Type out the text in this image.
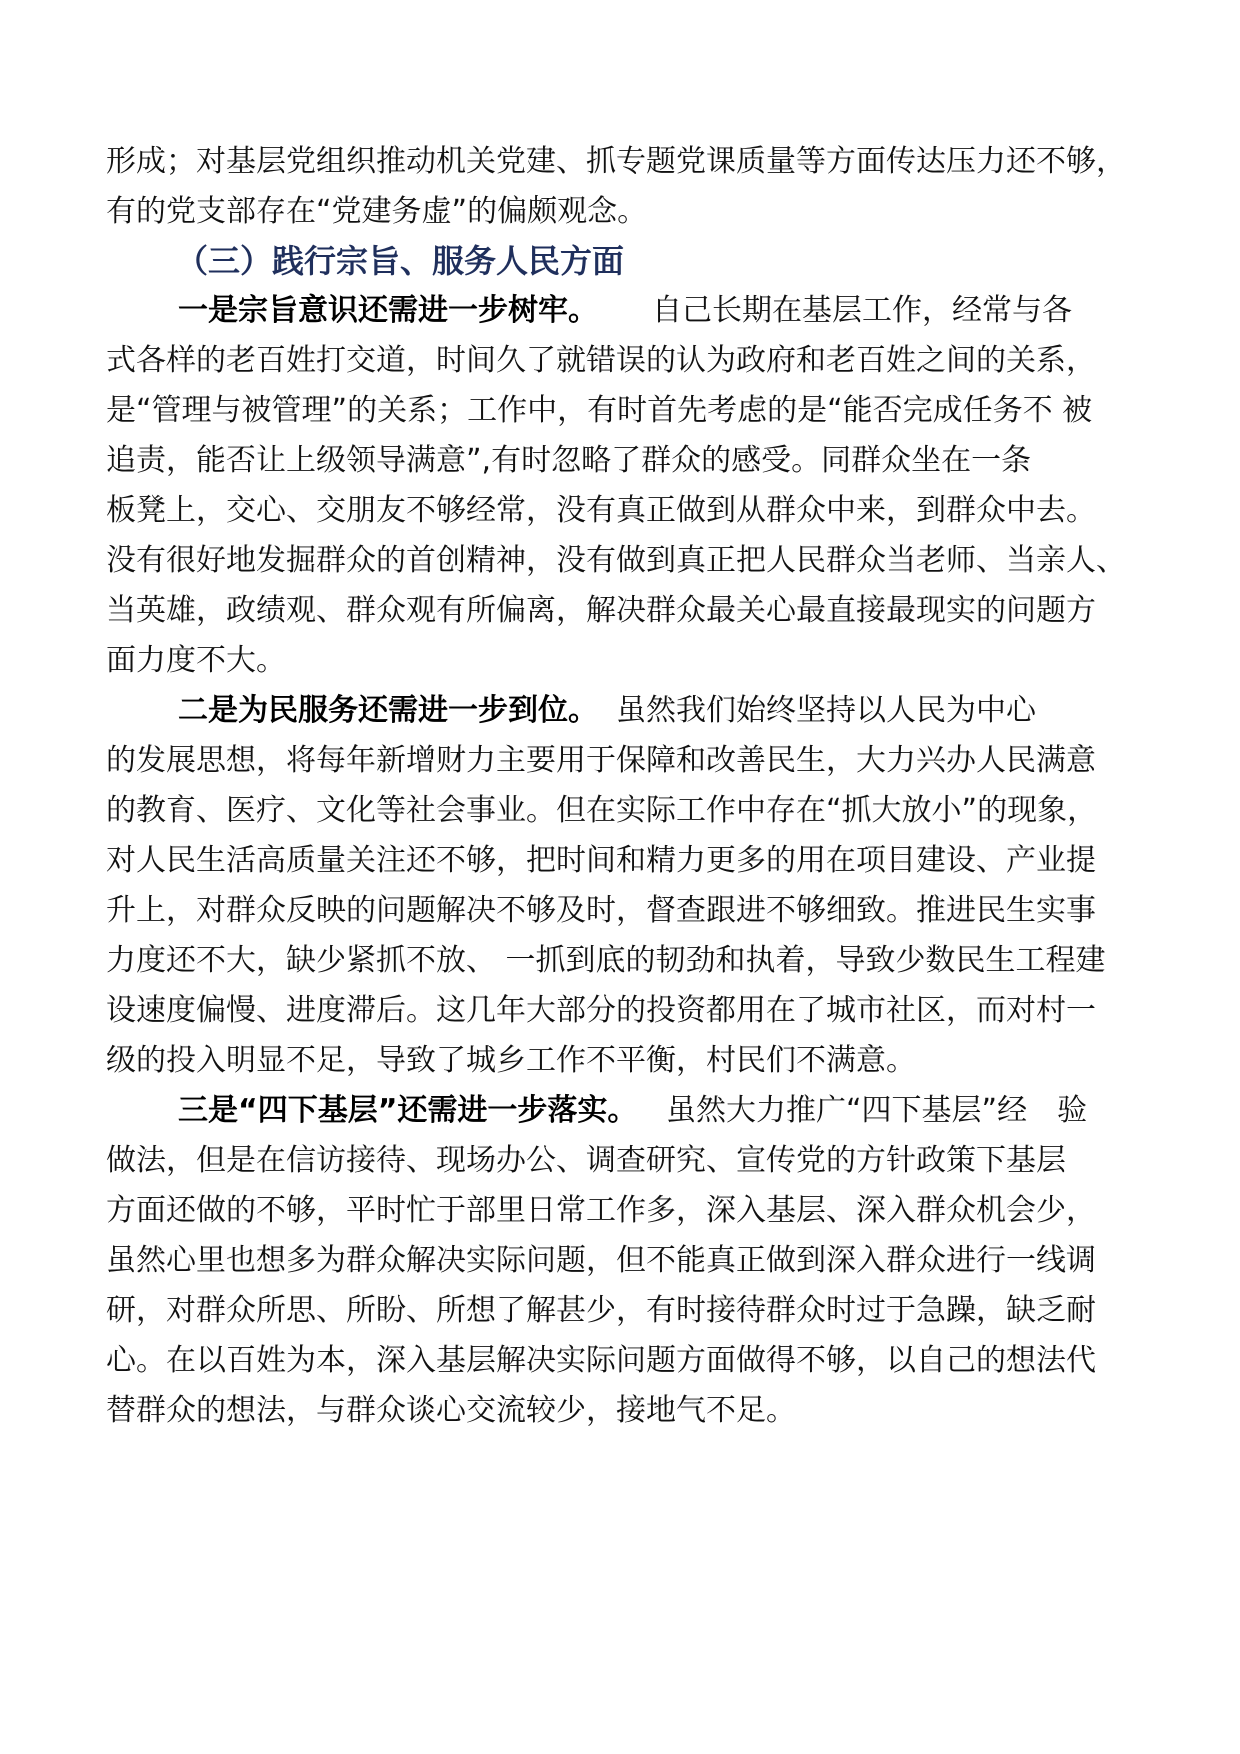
形成；对基层党组织推动机关党建、抓专题党课质量等方面传达压力还不够，
有的党支部存在“党建务虚”的偏颇观念。
（三）践行宗旨、服务人民方面
一是宗旨意识还需进一步树牢。 自己长期在基层工作，经常与各
式各样的老百姓打交道，时间久了就错误的认为政府和老百姓之间的关系，
是“管理与被管理”的关系；工作中，有时首先考虑的是“能否完成任务不 被
追责，能否让上级领导满意”,有时忽略了群众的感受。同群众坐在一条
板凳上，交心、交朋友不够经常，没有真正做到从群众中来，到群众中去。
没有很好地发掘群众的首创精神，没有做到真正把人民群众当老师、当亲人、
当英雄，政绩观、群众观有所偏离，解决群众最关心最直接最现实的问题方
面力度不大。
二是为民服务还需进一步到位。 虽然我们始终坚持以人民为中心
的发展思想，将每年新增财力主要用于保障和改善民生，大力兴办人民满意
的教育、医疗、文化等社会事业。但在实际工作中存在“抓大放小”的现象，
对人民生活高质量关注还不够，把时间和精力更多的用在项目建设、产业提
升上，对群众反映的问题解决不够及时，督查跟进不够细致。推进民生实事
力度还不大，缺少紧抓不放、 一抓到底的韧劲和执着，导致少数民生工程建
设速度偏慢、进度滞后。这几年大部分的投资都用在了城市社区，而对村一
级的投入明显不足，导致了城乡工作不平衡，村民们不满意。
三是“四下基层”还需进一步落实。 虽然大力推广“四下基层”经　验
做法，但是在信访接待、现场办公、调查研究、宣传党的方针政策下基层
方面还做的不够，平时忙于部里日常工作多，深入基层、深入群众机会少，
虽然心里也想多为群众解决实际问题，但不能真正做到深入群众进行一线调
研，对群众所思、所盼、所想了解甚少，有时接待群众时过于急躁，缺乏耐
心。在以百姓为本，深入基层解决实际问题方面做得不够，以自己的想法代
替群众的想法，与群众谈心交流较少，接地气不足。
